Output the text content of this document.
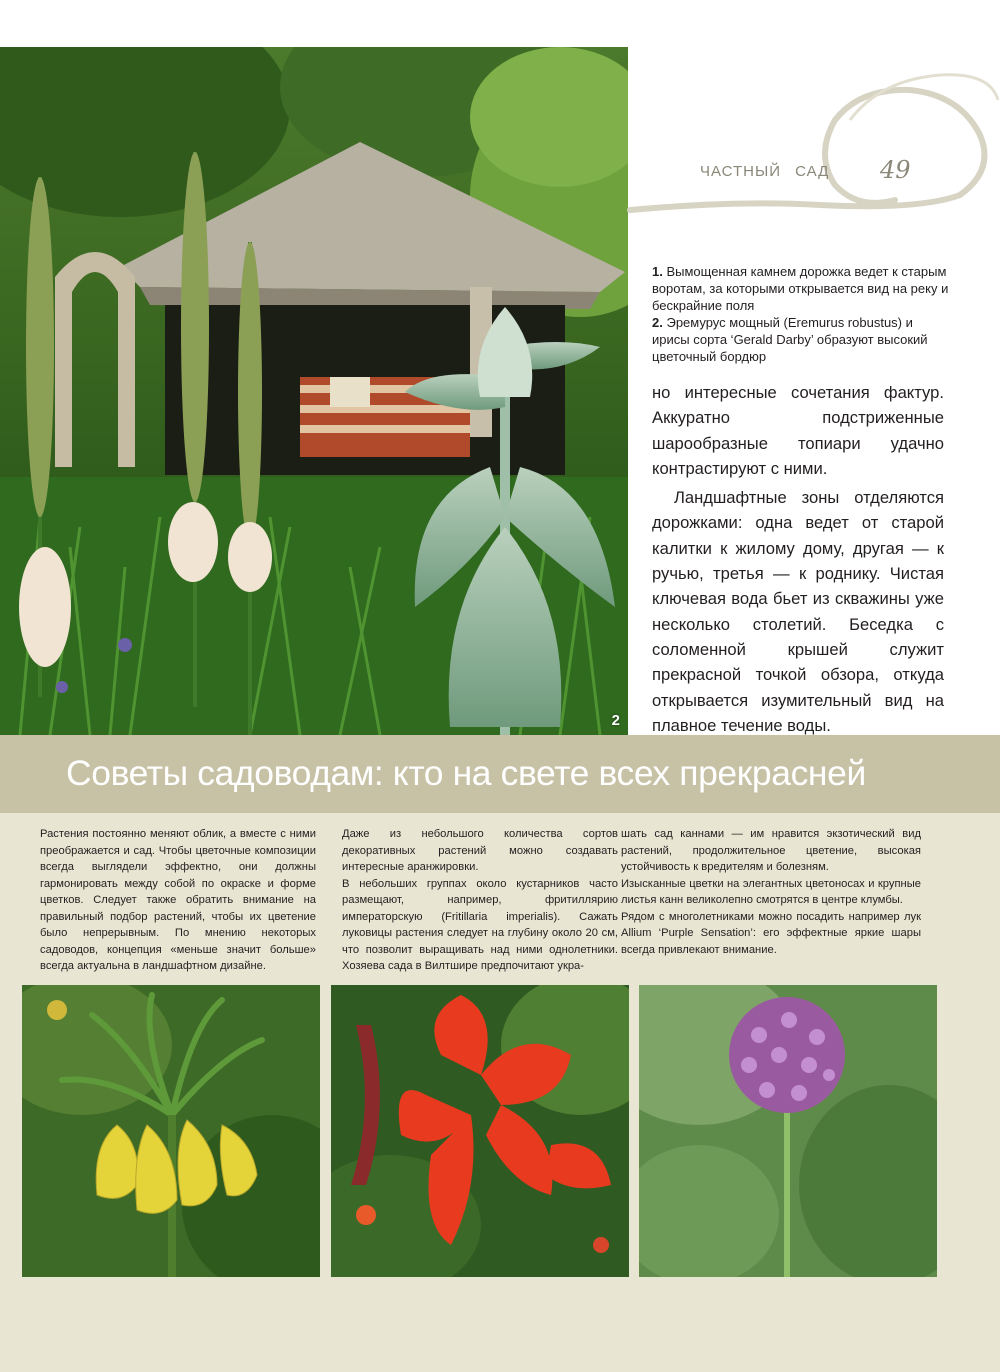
2
ЧАСТНЫЙ САД 49

1. Вымощенная камнем дорожка ведет к старым воротам, за которыми открывается вид на реку и бескрайние поля

2. Эремурус мощный (Eremurus robustus) и ирисы сорта ‘Gerald Darby’ образуют высокий цветочный бордюр

но интересные сочетания фактур. Аккуратно подстриженные шарообразные топиари удачно контрастируют с ними.

Ландшафтные зоны отделяются дорожками: одна ведет от старой калитки к жилому дому, другая — к ручью, третья — к роднику. Чистая ключевая вода бьет из скважины уже несколько столетий. Беседка с соломенной крышей служит прекрасной точкой обзора, откуда открывается изумительный вид на плавное течение воды.

Советы садоводам: кто на свете всех прекрасней

Растения постоянно меняют облик, а вместе с ними преображается и сад. Чтобы цветочные композиции всегда выглядели эффектно, они должны гармонировать между собой по окраске и форме цветков. Следует также обратить внимание на правильный подбор растений, чтобы их цветение было непрерывным. По мнению некоторых садоводов, концепция «меньше значит больше» всегда актуальна в ландшафтном дизайне.

Даже из небольшого количества сортов декоративных растений можно создавать интересные аранжировки.

В небольших группах около кустарников часто размещают, например, фритиллярию императорскую (Fritillaria imperialis). Сажать луковицы растения следует на глубину около 20 см, что позволит выращивать над ними однолетники. Хозяева сада в Вилтшире предпочитают укра-

шать сад каннами — им нравится экзотический вид растений, продолжительное цветение, высокая устойчивость к вредителям и болезням.

Изысканные цветки на элегантных цветоносах и крупные листья канн великолепно смотрятся в центре клумбы.

Рядом с многолетниками можно посадить например лук Allium ‘Purple Sensation’: его эффектные яркие шары всегда привлекают внимание.
